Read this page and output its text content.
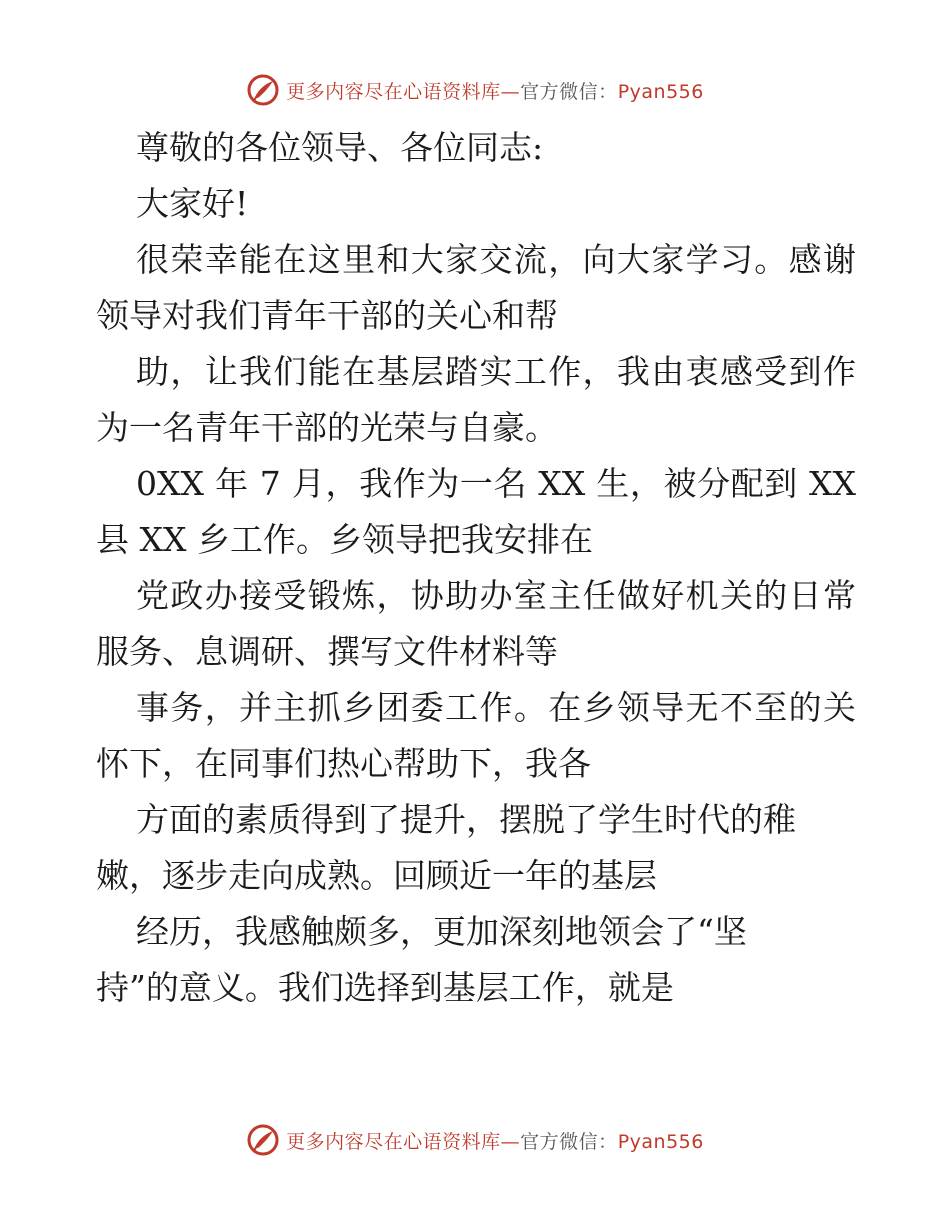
更多内容尽在心语资料库—官方微信：Pyan556
尊敬的各位领导、各位同志:
大家好!
很荣幸能在这里和大家交流，向大家学习。感谢
领导对我们青年干部的关心和帮
助，让我们能在基层踏实工作，我由衷感受到作
为一名青年干部的光荣与自豪。
0XX 年 7 月，我作为一名 XX 生，被分配到 XX
县 XX 乡工作。乡领导把我安排在
党政办接受锻炼，协助办室主任做好机关的日常
服务、息调研、撰写文件材料等
事务，并主抓乡团委工作。在乡领导无不至的关
怀下，在同事们热心帮助下，我各
方面的素质得到了提升，摆脱了学生时代的稚
嫩，逐步走向成熟。回顾近一年的基层
经历，我感触颇多，更加深刻地领会了“坚
持”的意义。我们选择到基层工作，就是
更多内容尽在心语资料库—官方微信：Pyan556
